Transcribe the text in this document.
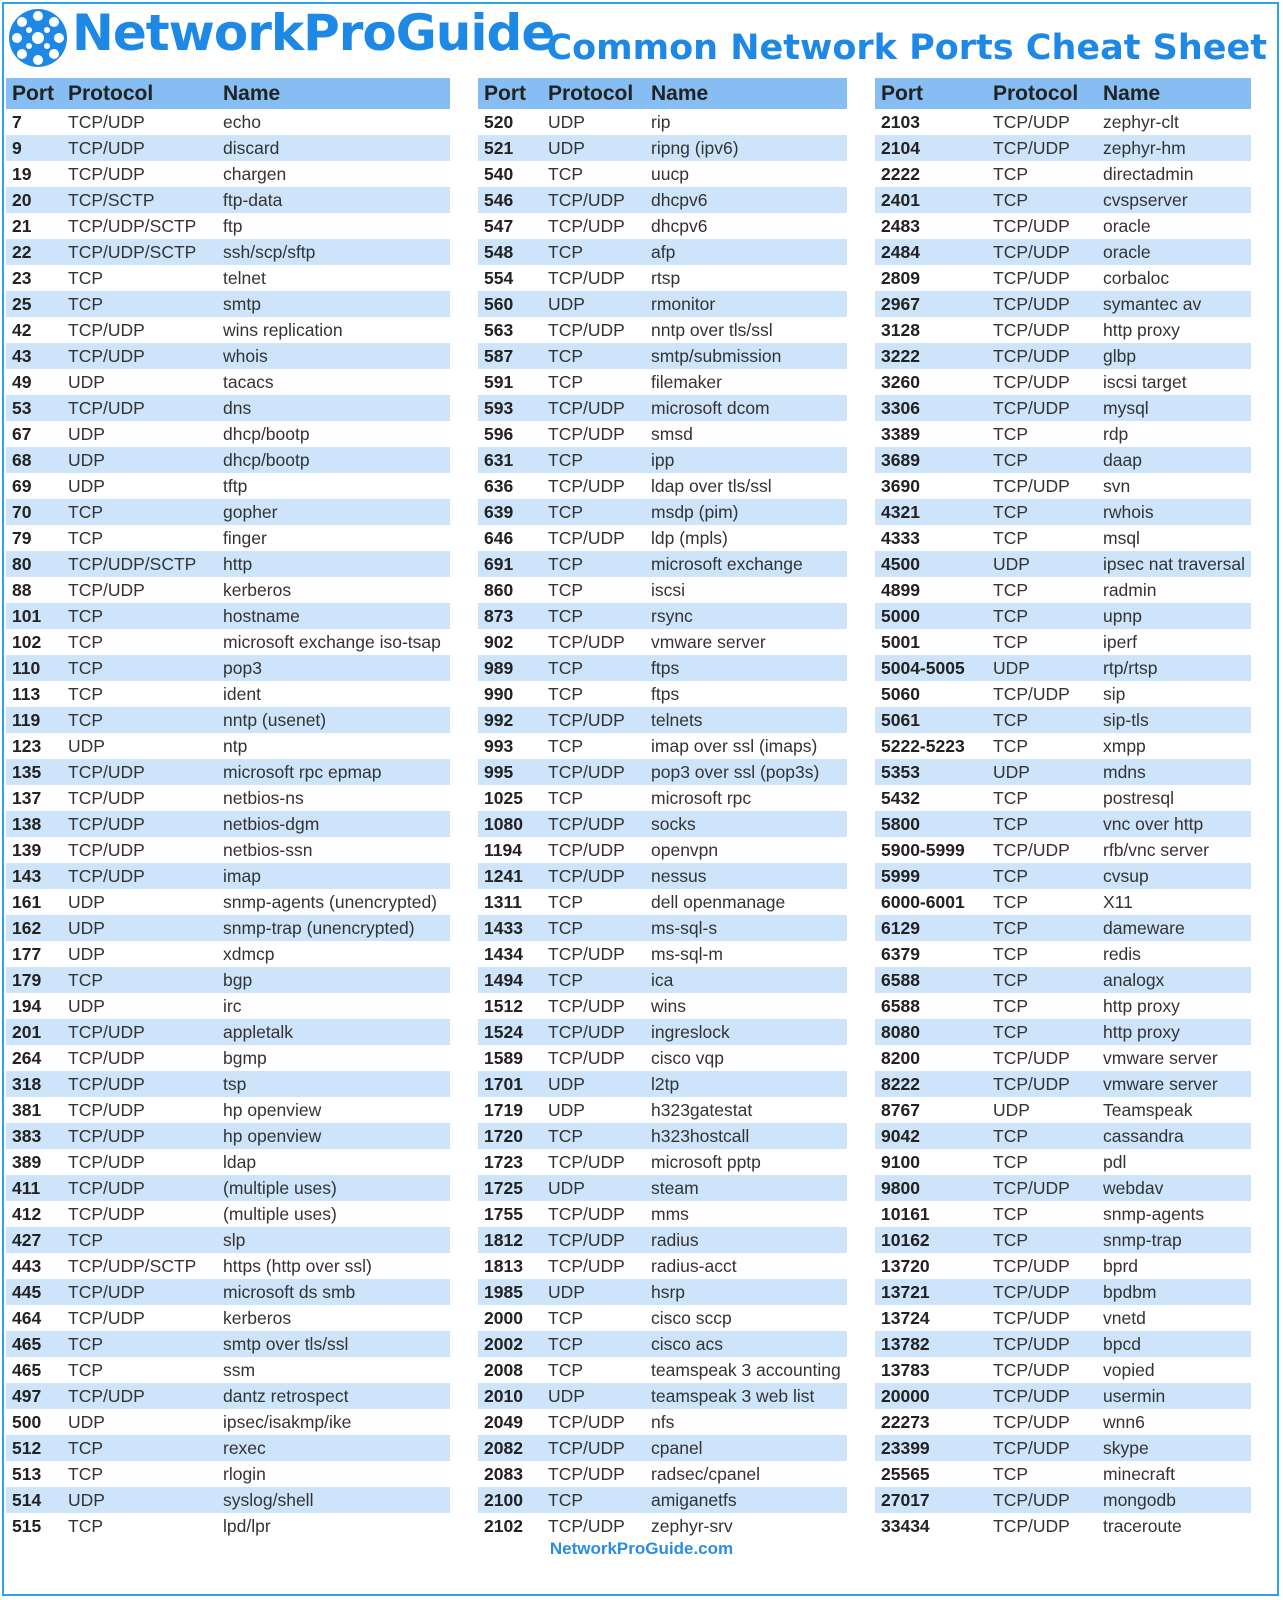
NetworkProGuide
Common Network Ports Cheat Sheet
Port Protocol	Name
7	TCP/UDP	echo
9	TCP/UDP	discard
19	TCP/UDP	chargen
20	TCP/SCTP	ftp-data
21	TCP/UDP/SCTP	ftp
22	TCP/UDP/SCTP	ssh/scp/sftp
23	TCP	telnet
25	TCP	smtp
42	TCP/UDP	wins replication
43	TCP/UDP	whois
49	UDP	tacacs
53	TCP/UDP	dns
67	UDP	dhcp/bootp
68	UDP	dhcp/bootp
69	UDP	tftp
70	TCP	gopher
79	TCP	finger
80	TCP/UDP/SCTP	http
88	TCP/UDP	kerberos
101	TCP	hostname
102	TCP	microsoft exchange iso-tsap
110	TCP	pop3
113	TCP	ident
119	TCP	nntp (usenet)
123	UDP	ntp
135	TCP/UDP	microsoft rpc epmap
137	TCP/UDP	netbios-ns
138	TCP/UDP	netbios-dgm
139	TCP/UDP	netbios-ssn
143	TCP/UDP	imap
161	UDP	snmp-agents (unencrypted)
162	UDP	snmp-trap (unencrypted)
177	UDP	xdmcp
179	TCP	bgp
194	UDP	irc
201	TCP/UDP	appletalk
264	TCP/UDP	bgmp
318	TCP/UDP	tsp
381	TCP/UDP	hp openview
383	TCP/UDP	hp openview
389	TCP/UDP	ldap
411	TCP/UDP	(multiple uses)
412	TCP/UDP	(multiple uses)
427	TCP	slp
443	TCP/UDP/SCTP	https (http over ssl)
445	TCP/UDP	microsoft ds smb
464	TCP/UDP	kerberos
465	TCP	smtp over tls/ssl
465	TCP	ssm
497	TCP/UDP	dantz retrospect
500	UDP	ipsec/isakmp/ike
512	TCP	rexec
513	TCP	rlogin
514	UDP	syslog/shell
515	TCP	lpd/lpr
Port	Protocol Name
520	UDP	rip
521	UDP	ripng (ipv6)
540	TCP	uucp
546	TCP/UDP	dhcpv6
547	TCP/UDP	dhcpv6
548	TCP	afp
554	TCP/UDP	rtsp
560	UDP	rmonitor
563	TCP/UDP	nntp over tls/ssl
587	TCP	smtp/submission
591	TCP	filemaker
593	TCP/UDP	microsoft dcom
596	TCP/UDP	smsd
631	TCP	ipp
636	TCP/UDP	ldap over tls/ssl
639	TCP	msdp (pim)
646	TCP/UDP	ldp (mpls)
691	TCP	microsoft exchange
860	TCP	iscsi
873	TCP	rsync
902	TCP/UDP	vmware server
989	TCP	ftps
990	TCP	ftps
992	TCP/UDP	telnets
993	TCP	imap over ssl (imaps)
995	TCP/UDP	pop3 over ssl (pop3s)
1025	TCP	microsoft rpc
1080	TCP/UDP	socks
1194	TCP/UDP	openvpn
1241	TCP/UDP	nessus
1311	TCP	dell openmanage
1433	TCP	ms-sql-s
1434	TCP/UDP	ms-sql-m
1494	TCP	ica
1512	TCP/UDP	wins
1524	TCP/UDP	ingreslock
1589	TCP/UDP	cisco vqp
1701	UDP	l2tp
1719	UDP	h323gatestat
1720	TCP	h323hostcall
1723	TCP/UDP	microsoft pptp
1725	UDP	steam
1755	TCP/UDP	mms
1812	TCP/UDP	radius
1813	TCP/UDP	radius-acct
1985	UDP	hsrp
2000	TCP	cisco sccp
2002	TCP	cisco acs
2008	TCP	teamspeak 3 accounting
2010	UDP	teamspeak 3 web list
2049	TCP/UDP	nfs
2082	TCP/UDP	cpanel
2083	TCP/UDP	radsec/cpanel
2100	TCP	amiganetfs
2102	TCP/UDP	zephyr-srv
Port	Protocol	Name
2103	TCP/UDP	zephyr-clt
2104	TCP/UDP	zephyr-hm
2222	TCP	directadmin
2401	TCP	cvspserver
2483	TCP/UDP	oracle
2484	TCP/UDP	oracle
2809	TCP/UDP	corbaloc
2967	TCP/UDP	symantec av
3128	TCP/UDP	http proxy
3222	TCP/UDP	glbp
3260	TCP/UDP	iscsi target
3306	TCP/UDP	mysql
3389	TCP	rdp
3689	TCP	daap
3690	TCP/UDP	svn
4321	TCP	rwhois
4333	TCP	msql
4500	UDP	ipsec nat traversal
4899	TCP	radmin
5000	TCP	upnp
5001	TCP	iperf
5004-5005	UDP	rtp/rtsp
5060	TCP/UDP	sip
5061	TCP	sip-tls
5222-5223	TCP	xmpp
5353	UDP	mdns
5432	TCP	postresql
5800	TCP	vnc over http
5900-5999	TCP/UDP	rfb/vnc server
5999	TCP	cvsup
6000-6001	TCP	X11
6129	TCP	dameware
6379	TCP	redis
6588	TCP	analogx
6588	TCP	http proxy
8080	TCP	http proxy
8200	TCP/UDP	vmware server
8222	TCP/UDP	vmware server
8767	UDP	Teamspeak
9042	TCP	cassandra
9100	TCP	pdl
9800	TCP/UDP	webdav
10161	TCP	snmp-agents
10162	TCP	snmp-trap
13720	TCP/UDP	bprd
13721	TCP/UDP	bpdbm
13724	TCP/UDP	vnetd
13782	TCP/UDP	bpcd
13783	TCP/UDP	vopied
20000	TCP/UDP	usermin
22273	TCP/UDP	wnn6
23399	TCP/UDP	skype
25565	TCP	minecraft
27017	TCP/UDP	mongodb
33434	TCP/UDP	traceroute
NetworkProGuide.com
